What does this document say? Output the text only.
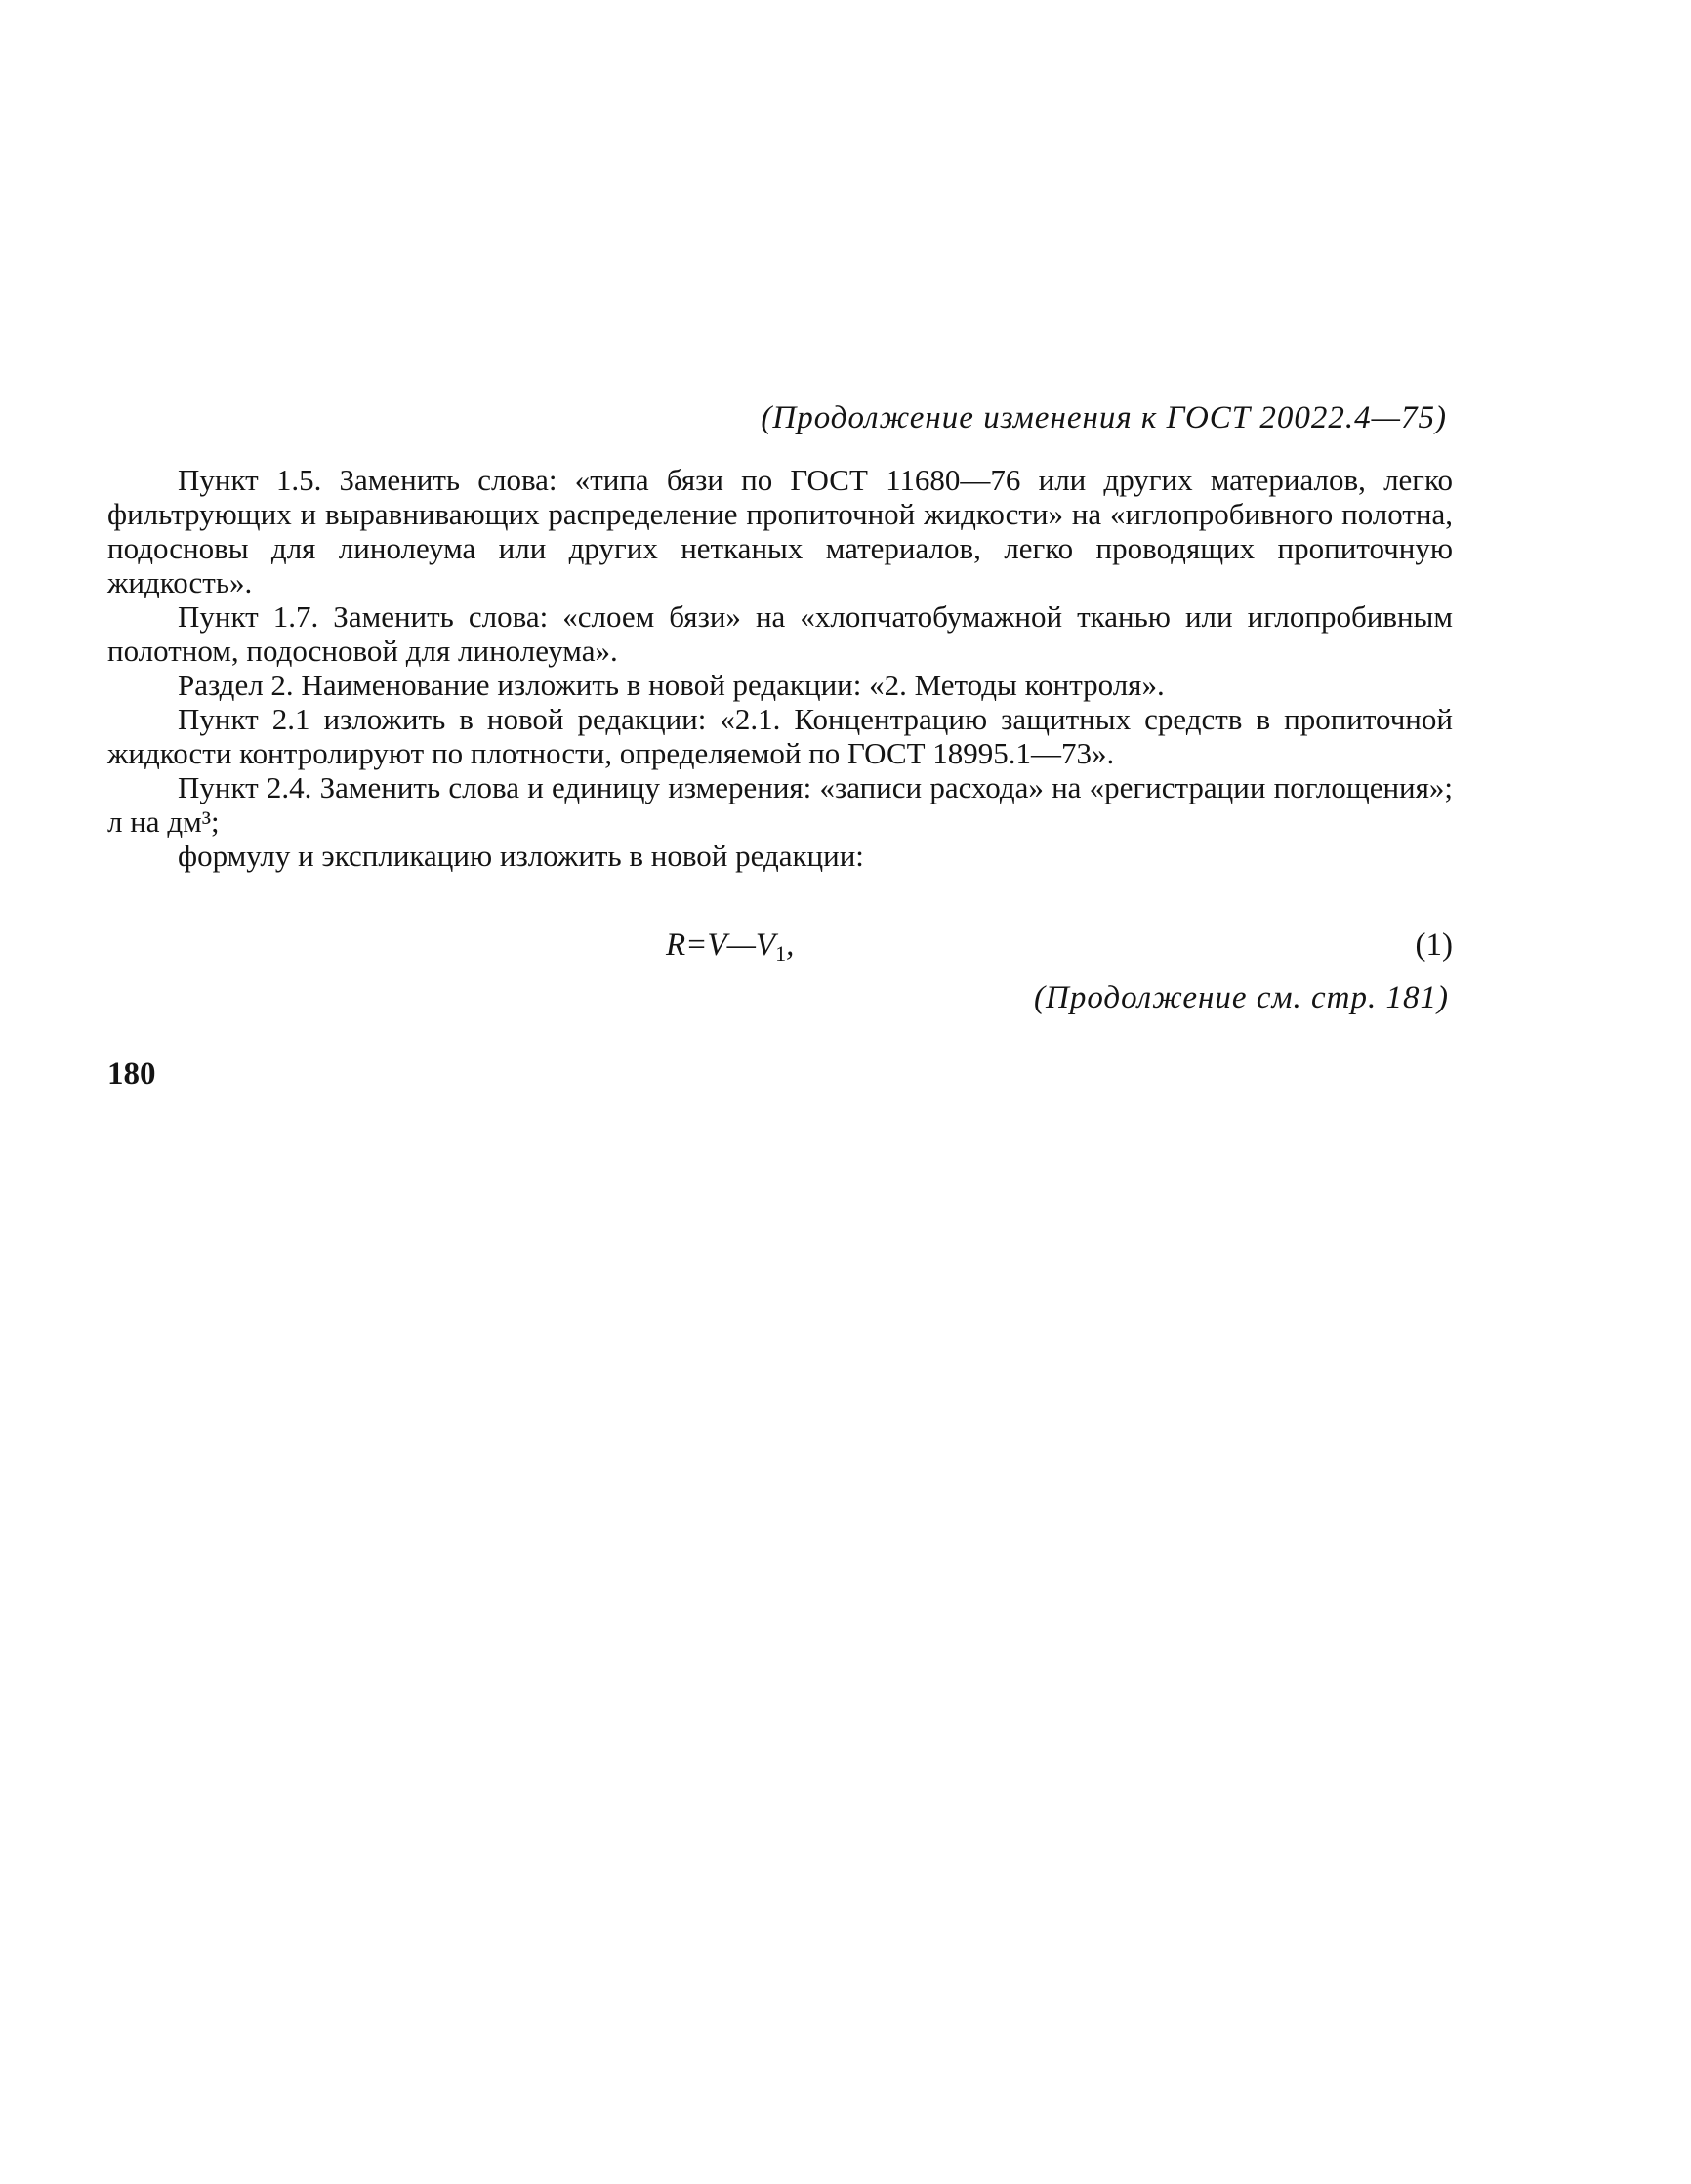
(Продолжение изменения к ГОСТ 20022.4—75)

Пункт 1.5. Заменить слова: «типа бязи по ГОСТ 11680—76 или других материалов, легко фильтрующих и выравнивающих распределение пропиточной жидкости» на «иглопробивного полотна, подосновы для линолеума или других нетканых материалов, легко проводящих пропиточную жидкость».

Пункт 1.7. Заменить слова: «слоем бязи» на «хлопчатобумажной тканью или иглопробивным полотном, подосновой для линолеума».

Раздел 2. Наименование изложить в новой редакции: «2. Методы контроля».

Пункт 2.1 изложить в новой редакции: «2.1. Концентрацию защитных средств в пропиточной жидкости контролируют по плотности, определяемой по ГОСТ 18995.1—73».

Пункт 2.4. Заменить слова и единицу измерения: «записи расхода» на «регистрации поглощения»; л на дм³;

формулу и экспликацию изложить в новой редакции:

$R=V—V_1$,	(1)
(Продолжение см. стр. 181)
180
